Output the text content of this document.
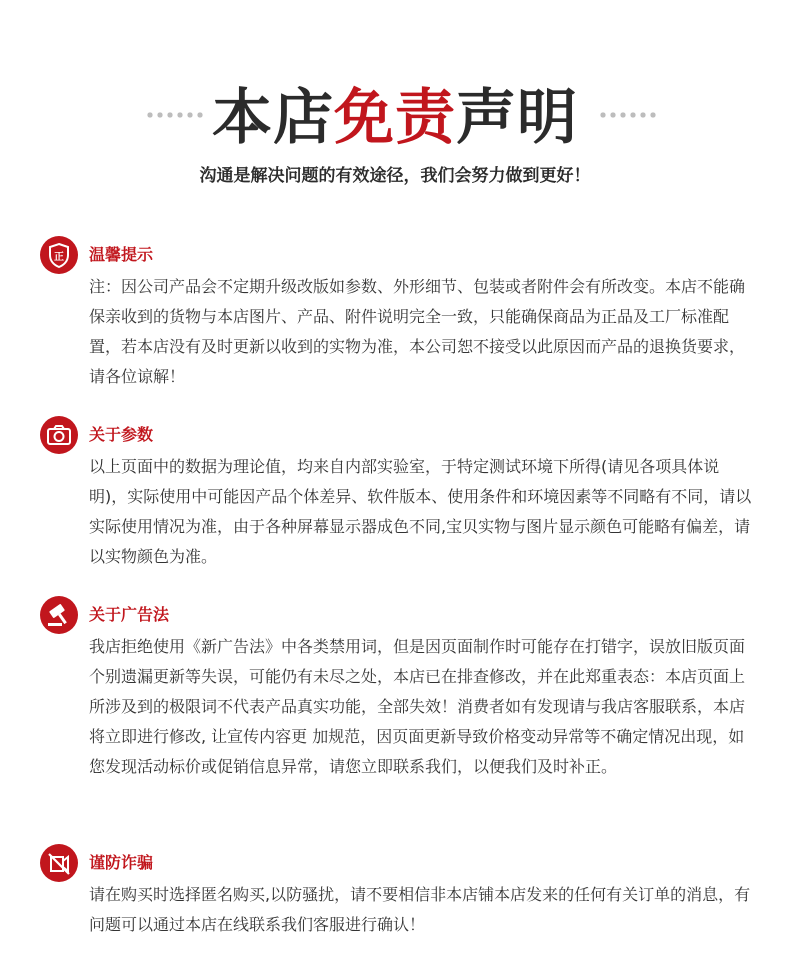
本店免责声明
沟通是解决问题的有效途径，我们会努力做到更好！
正 温馨提示
注：因公司产品会不定期升级改版如参数、外形细节、包装或者附件会有所改变。本店不能确保亲收到的货物与本店图片、产品、附件说明完全一致，只能确保商品为正品及工厂标准配置，若本店没有及时更新以收到的实物为准，本公司恕不接受以此原因而产品的退换货要求，请各位谅解！
关于参数
以上页面中的数据为理论值，均来自内部实验室，于特定测试环境下所得(请见各项具体说明)，实际使用中可能因产品个体差异、软件版本、使用条件和环境因素等不同略有不同，请以实际使用情况为准，由于各种屏幕显示器成色不同,宝贝实物与图片显示颜色可能略有偏差，请以实物颜色为准。
关于广告法
我店拒绝使用《新广告法》中各类禁用词，但是因页面制作时可能存在打错字，误放旧版页面个别遗漏更新等失误，可能仍有未尽之处，本店已在排查修改，并在此郑重表态：本店页面上所涉及到的极限词不代表产品真实功能，全部失效！消费者如有发现请与我店客服联系，本店将立即进行修改, 让宣传内容更 加规范，因页面更新导致价格变动异常等不确定情况出现，如您发现活动标价或促销信息异常，请您立即联系我们，以便我们及时补正。
谨防诈骗
请在购买时选择匿名购买,以防骚扰，请不要相信非本店铺本店发来的任何有关订单的消息，有问题可以通过本店在线联系我们客服进行确认！
